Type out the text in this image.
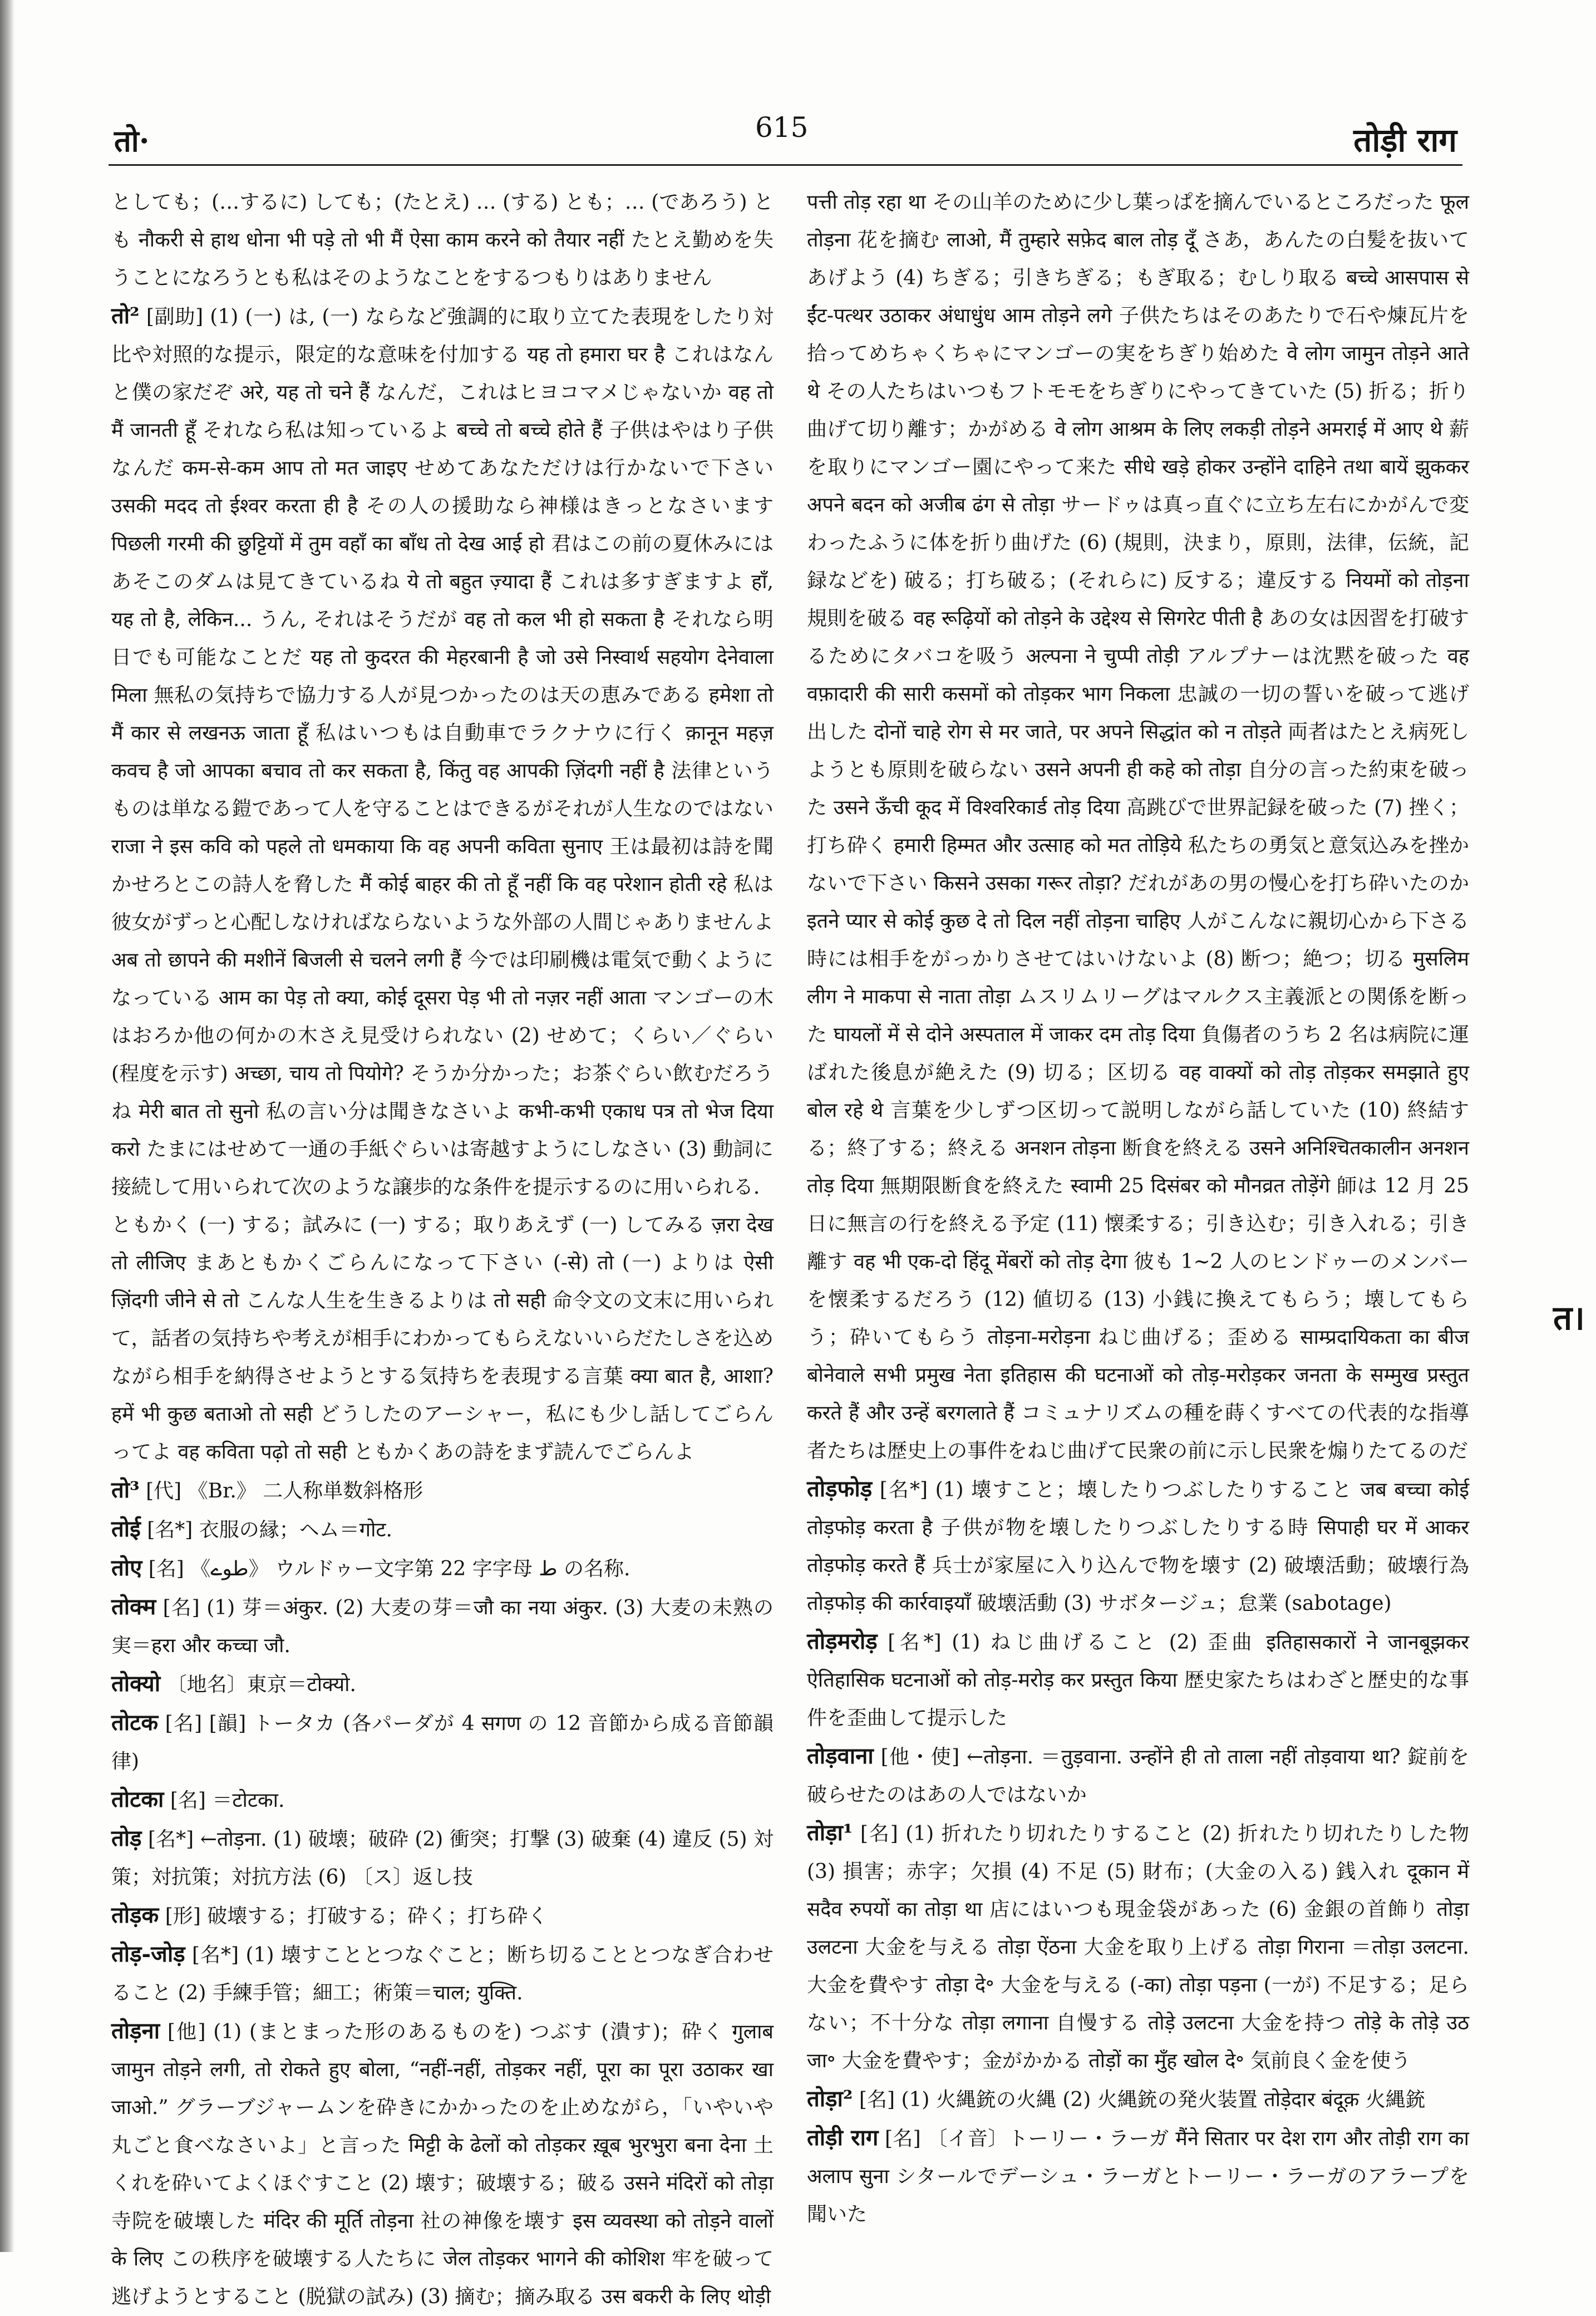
तो·	615	तोड़ी राग

としても；(…するに) しても；(たとえ) … (する) とも；… (であろう) とも नौकरी से हाथ धोना भी पड़े तो भी मैं ऐसा काम करने को तैयार नहीं たとえ勤めを失うことになろうとも私はそのようなことをするつもりはありません

तो² [副助] (1) (一) は, (一) ならなど強調的に取り立てた表現をしたり対比や対照的な提示，限定的な意味を付加する यह तो हमारा घर है これはなんと僕の家だぞ अरे, यह तो चने हैं なんだ，これはヒヨコマメじゃないか वह तो मैं जानती हूँ それなら私は知っているよ बच्चे तो बच्चे होते हैं 子供はやはり子供なんだ कम-से-कम आप तो मत जाइए せめてあなただけは行かないで下さい उसकी मदद तो ईश्वर करता ही है その人の援助なら神様はきっとなさいます पिछली गरमी की छुट्टियों में तुम वहाँ का बाँध तो देख आई हो 君はこの前の夏休みにはあそこのダムは見てきているね ये तो बहुत ज़्यादा हैं これは多すぎますよ हाँ, यह तो है, लेकिन... うん, それはそうだが वह तो कल भी हो सकता है それなら明日でも可能なことだ यह तो कुदरत की मेहरबानी है जो उसे निस्वार्थ सहयोग देनेवाला मिला 無私の気持ちで協力する人が見つかったのは天の恵みである हमेशा तो मैं कार से लखनऊ जाता हूँ 私はいつもは自動車でラクナウに行く क़ानून महज़ कवच है जो आपका बचाव तो कर सकता है, किंतु वह आपकी ज़िंदगी नहीं है 法律というものは単なる鎧であって人を守ることはできるがそれが人生なのではない राजा ने इस कवि को पहले तो धमकाया कि वह अपनी कविता सुनाए 王は最初は詩を聞かせろとこの詩人を脅した मैं कोई बाहर की तो हूँ नहीं कि वह परेशान होती रहे 私は彼女がずっと心配しなければならないような外部の人間じゃありませんよ अब तो छापने की मशीनें बिजली से चलने लगी हैं 今では印刷機は電気で動くようになっている आम का पेड़ तो क्या, कोई दूसरा पेड़ भी तो नज़र नहीं आता マンゴーの木はおろか他の何かの木さえ見受けられない (2) せめて；くらい／ぐらい (程度を示す) अच्छा, चाय तो पियोगे? そうか分かった；お茶ぐらい飲むだろうね मेरी बात तो सुनो 私の言い分は聞きなさいよ कभी-कभी एकाध पत्र तो भेज दिया करो たまにはせめて一通の手紙ぐらいは寄越すようにしなさい (3) 動詞に接続して用いられて次のような譲歩的な条件を提示するのに用いられる．ともかく (一) する；試みに (一) する；取りあえず (一) してみる ज़रा देख तो लीजिए まあともかくごらんになって下さい (-से) तो (一) よりは ऐसी ज़िंदगी जीने से तो こんな人生を生きるよりは तो सही 命令文の文末に用いられて，話者の気持ちや考えが相手にわかってもらえないいらだたしさを込めながら相手を納得させようとする気持ちを表現する言葉 क्या बात है, आशा? हमें भी कुछ बताओ तो सही どうしたのアーシャー，私にも少し話してごらんってよ वह कविता पढ़ो तो सही ともかくあの詩をまず読んでごらんよ

तो³ [代] 《Br.》 二人称単数斜格形

तोई [名*] 衣服の縁；ヘム＝गोट.

तोए [名] 《طوے》 ウルドゥー文字第 22 字字母 ط の名称.

तोक्म [名] (1) 芽＝अंकुर. (2) 大麦の芽＝जौ का नया अंकुर. (3) 大麦の未熟の実＝हरा और कच्चा जौ.

तोक्यो 〔地名〕東京＝टोक्यो.

तोटक [名] [韻] トータカ (各パーダが 4 सगण の 12 音節から成る音節韻律)

तोटका [名] ＝टोटका.

तोड़ [名*] ←तोड़ना. (1) 破壊；破砕 (2) 衝突；打撃 (3) 破棄 (4) 違反 (5) 対策；対抗策；対抗方法 (6) 〔ス〕返し技

तोड़क [形] 破壊する；打破する；砕く；打ち砕く

तोड़-जोड़ [名*] (1) 壊すこととつなぐこと；断ち切ることとつなぎ合わせること (2) 手練手管；細工；術策＝चाल; युक्ति.

तोड़ना [他] (1) (まとまった形のあるものを) つぶす (潰す)；砕く गुलाब जामुन तोड़ने लगी, तो रोकते हुए बोला, “नहीं-नहीं, तोड़कर नहीं, पूरा का पूरा उठाकर खा जाओ.” グラーブジャームンを砕きにかかったのを止めながら，「いやいや丸ごと食べなさいよ」と言った मिट्टी के ढेलों को तोड़कर ख़ूब भुरभुरा बना देना 土くれを砕いてよくほぐすこと (2) 壊す；破壊する；破る उसने मंदिरों को तोड़ा 寺院を破壊した मंदिर की मूर्ति तोड़ना 社の神像を壊す इस व्यवस्था को तोड़ने वालों के लिए この秩序を破壊する人たちに जेल तोड़कर भागने की कोशिश 牢を破って逃げようとすること (脱獄の試み) (3) 摘む；摘み取る उस बकरी के लिए थोड़ी

पत्ती तोड़ रहा था その山羊のために少し葉っぱを摘んでいるところだった फूल तोड़ना 花を摘む लाओ, मैं तुम्हारे सफ़ेद बाल तोड़ दूँ さあ，あんたの白髪を抜いてあげよう (4) ちぎる；引きちぎる；もぎ取る；むしり取る बच्चे आसपास से ईंट-पत्थर उठाकर अंधाधुंध आम तोड़ने लगे 子供たちはそのあたりで石や煉瓦片を拾ってめちゃくちゃにマンゴーの実をちぎり始めた वे लोग जामुन तोड़ने आते थे その人たちはいつもフトモモをちぎりにやってきていた (5) 折る；折り曲げて切り離す；かがめる वे लोग आश्रम के लिए लकड़ी तोड़ने अमराई में आए थे 薪を取りにマンゴー園にやって来た सीधे खड़े होकर उन्होंने दाहिने तथा बायें झुककर अपने बदन को अजीब ढंग से तोड़ा サードゥは真っ直ぐに立ち左右にかがんで変わったふうに体を折り曲げた (6) (規則，決まり，原則，法律，伝統，記録などを) 破る；打ち破る；(それらに) 反する；違反する नियमों को तोड़ना 規則を破る वह रूढ़ियों को तोड़ने के उद्देश्य से सिगरेट पीती है あの女は因習を打破するためにタバコを吸う अल्पना ने चुप्पी तोड़ी アルプナーは沈黙を破った वह वफ़ादारी की सारी कसमों को तोड़कर भाग निकला 忠誠の一切の誓いを破って逃げ出した दोनों चाहे रोग से मर जाते, पर अपने सिद्धांत को न तोड़ते 両者はたとえ病死しようとも原則を破らない उसने अपनी ही कहे को तोड़ा 自分の言った約束を破った उसने ऊँची कूद में विश्वरिकार्ड तोड़ दिया 高跳びで世界記録を破った (7) 挫く；打ち砕く हमारी हिम्मत और उत्साह को मत तोड़िये 私たちの勇気と意気込みを挫かないで下さい किसने उसका गरूर तोड़ा? だれがあの男の慢心を打ち砕いたのか इतने प्यार से कोई कुछ दे तो दिल नहीं तोड़ना चाहिए 人がこんなに親切心から下さる時には相手をがっかりさせてはいけないよ (8) 断つ；絶つ；切る मुसलिम लीग ने माकपा से नाता तोड़ा ムスリムリーグはマルクス主義派との関係を断った घायलों में से दोने अस्पताल में जाकर दम तोड़ दिया 負傷者のうち 2 名は病院に運ばれた後息が絶えた (9) 切る；区切る वह वाक्यों को तोड़ तोड़कर समझाते हुए बोल रहे थे 言葉を少しずつ区切って説明しながら話していた (10) 終結する；終了する；終える अनशन तोड़ना 断食を終える उसने अनिश्चितकालीन अनशन तोड़ दिया 無期限断食を終えた स्वामी 25 दिसंबर को मौनव्रत तोड़ेंगे 師は 12 月 25 日に無言の行を終える予定 (11) 懐柔する；引き込む；引き入れる；引き離す वह भी एक-दो हिंदू मेंबरों को तोड़ देगा 彼も 1~2 人のヒンドゥーのメンバーを懐柔するだろう (12) 値切る (13) 小銭に換えてもらう；壊してもらう；砕いてもらう तोड़ना-मरोड़ना ねじ曲げる；歪める साम्प्रदायिकता का बीज बोनेवाले सभी प्रमुख नेता इतिहास की घटनाओं को तोड़-मरोड़कर जनता के सम्मुख प्रस्तुत करते हैं और उन्हें बरगलाते हैं コミュナリズムの種を蒔くすべての代表的な指導者たちは歴史上の事件をねじ曲げて民衆の前に示し民衆を煽りたてるのだ

तोड़फोड़ [名*] (1) 壊すこと；壊したりつぶしたりすること जब बच्चा कोई तोड़फोड़ करता है 子供が物を壊したりつぶしたりする時 सिपाही घर में आकर तोड़फोड़ करते हैं 兵士が家屋に入り込んで物を壊す (2) 破壊活動；破壊行為 तोड़फोड़ की कार्रवाइयाँ 破壊活動 (3) サボタージュ；怠業 (sabotage)

तोड़मरोड़ [名*] (1) ねじ曲げること (2) 歪曲 इतिहासकारों ने जानबूझकर ऐतिहासिक घटनाओं को तोड़-मरोड़ कर प्रस्तुत किया 歴史家たちはわざと歴史的な事件を歪曲して提示した

तोड़वाना [他・使] ←तोड़ना. ＝तुड़वाना. उन्होंने ही तो ताला नहीं तोड़वाया था? 錠前を破らせたのはあの人ではないか

तोड़ा¹ [名] (1) 折れたり切れたりすること (2) 折れたり切れたりした物 (3) 損害；赤字；欠損 (4) 不足 (5) 財布；(大金の入る) 銭入れ दूकान में सदैव रुपयों का तोड़ा था 店にはいつも現金袋があった (6) 金銀の首飾り तोड़ा उलटना 大金を与える तोड़ा ऐंठना 大金を取り上げる तोड़ा गिराना ＝तोड़ा उलटना. 大金を費やす तोड़ा दे॰ 大金を与える (-का) तोड़ा पड़ना (一が) 不足する；足らない；不十分な तोड़ा लगाना 自慢する तोड़े उलटना 大金を持つ तोड़े के तोड़े उठ जा॰ 大金を費やす；金がかかる तोड़ों का मुँह खोल दे॰ 気前良く金を使う

तोड़ा² [名] (1) 火縄銃の火縄 (2) 火縄銃の発火装置 तोड़ेदार बंदूक़ 火縄銃

तोड़ी राग [名] 〔イ音〕トーリー・ラーガ मैंने सितार पर देश राग और तोड़ी राग का अलाप सुना シタールでデーシュ・ラーガとトーリー・ラーガのアラープを聞いた

त।
